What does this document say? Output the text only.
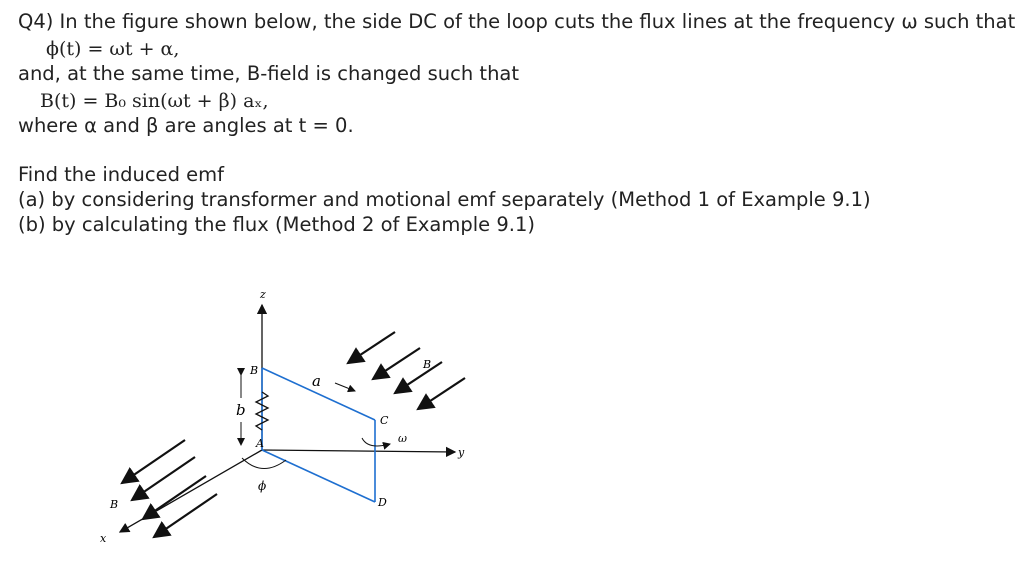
Q4) In the figure shown below, the side DC of the loop cuts the flux lines at the frequency ω such that
ϕ(t) = ωt + α,
and, at the same time, B-field is changed such that
B(t) = B₀ sin(ωt + β) aₓ,
where α and β are angles at t = 0.
Find the induced emf
(a) by considering transformer and motional emf separately (Method 1 of Example 9.1)
(b) by calculating the flux (Method 2 of Example 9.1)
z
y
x
b
a
B
A
C
D
ϕ
ω
B
B
